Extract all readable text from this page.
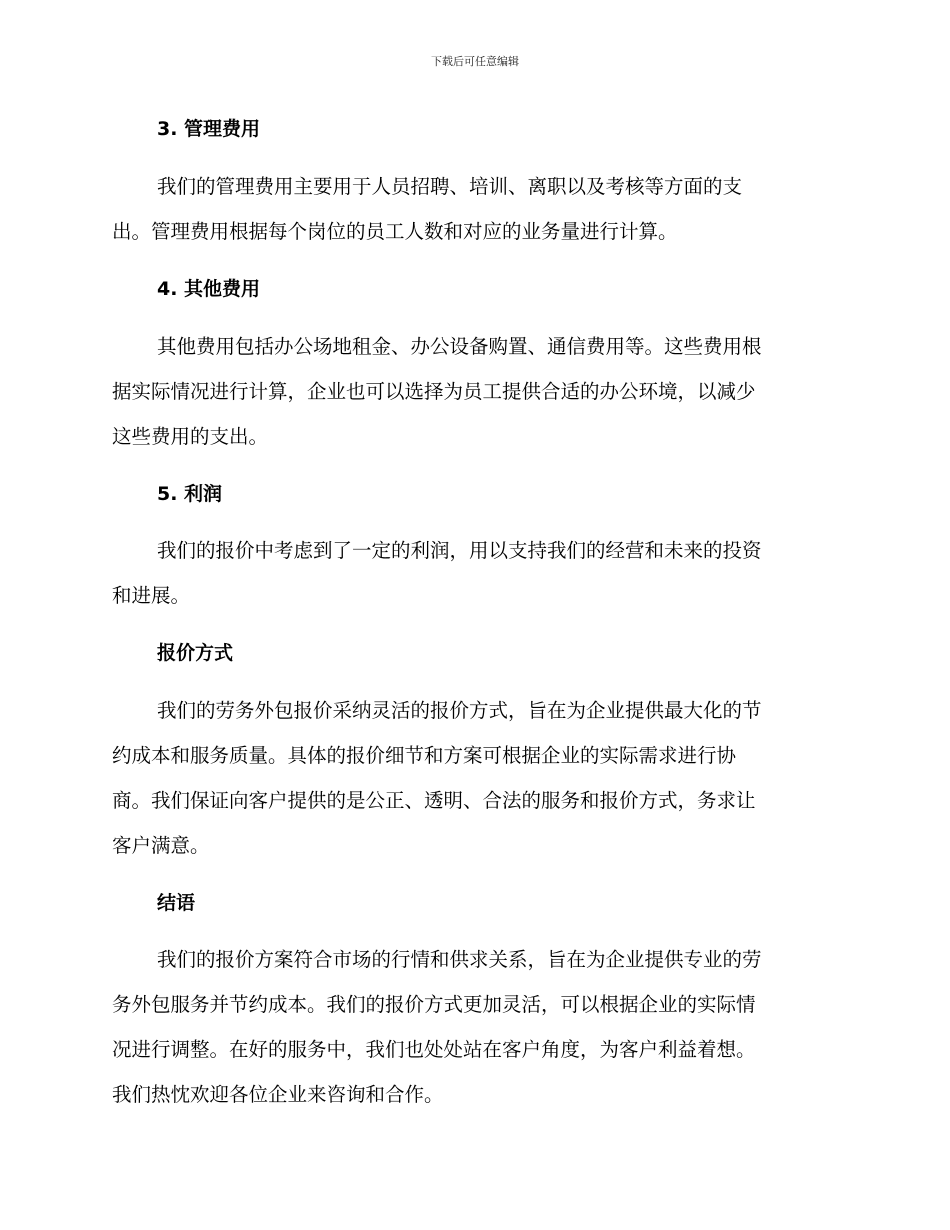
下载后可任意编辑
3. 管理费用
我们的管理费用主要用于人员招聘、培训、离职以及考核等方面的支
出。管理费用根据每个岗位的员工人数和对应的业务量进行计算。
4. 其他费用
其他费用包括办公场地租金、办公设备购置、通信费用等。这些费用根
据实际情况进行计算，企业也可以选择为员工提供合适的办公环境，以减少
这些费用的支出。
5. 利润
我们的报价中考虑到了一定的利润，用以支持我们的经营和未来的投资
和进展。
报价方式
我们的劳务外包报价采纳灵活的报价方式，旨在为企业提供最大化的节
约成本和服务质量。具体的报价细节和方案可根据企业的实际需求进行协
商。我们保证向客户提供的是公正、透明、合法的服务和报价方式，务求让
客户满意。
结语
我们的报价方案符合市场的行情和供求关系，旨在为企业提供专业的劳
务外包服务并节约成本。我们的报价方式更加灵活，可以根据企业的实际情
况进行调整。在好的服务中，我们也处处站在客户角度，为客户利益着想。
我们热忱欢迎各位企业来咨询和合作。
